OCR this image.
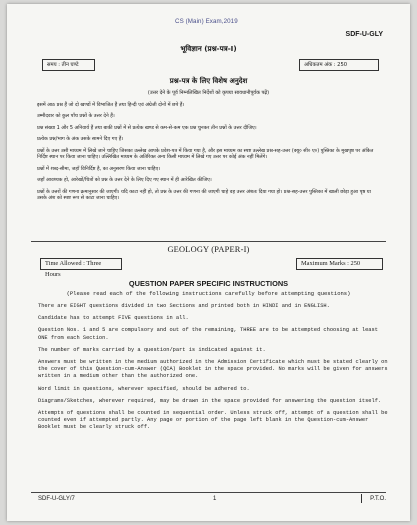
CS (Main) Exam,2019
SDF-U-GLY
भूविज्ञान (प्रश्न-पत्र-I)
समय : तीन घण्टे	अधिकतम अंक : 250
प्रश्न-पत्र के लिए विशेष अनुदेश
(उत्तर देने के पूर्व निम्नलिखित निर्देशों को कृपया सावधानीपूर्वक पढ़ें)

इसमें आठ प्रश्न हैं जो दो खण्डों में विभाजित हैं तथा हिन्दी एवं अंग्रेजी दोनों में छपे हैं।

उम्मीदवार को कुल पाँच प्रश्नों के उत्तर देने हैं।

प्रश्न संख्या 1 और 5 अनिवार्य हैं तथा बाकी प्रश्नों में से प्रत्येक खण्ड से कम-से-कम एक प्रश्न चुनकर तीन प्रश्नों के उत्तर दीजिए।

प्रत्येक प्रश्न/भाग के अंक उसके सामने दिए गए हैं।

प्रश्नों के उत्तर उसी माध्यम में लिखे जाने चाहिए जिसका उल्लेख आपके प्रवेश-पत्र में किया गया है, और इस माध्यम का स्पष्ट उल्लेख प्रश्न-सह-उत्तर (क्यू० सी० ए०) पुस्तिका के मुखपृष्ठ पर अंकित निर्दिष्ट स्थान पर किया जाना चाहिए। उल्लिखित माध्यम के अतिरिक्त अन्य किसी माध्यम में लिखे गए उत्तर पर कोई अंक नहीं मिलेंगे।

प्रश्नों में शब्द-सीमा, जहाँ विनिर्दिष्ट है, का अनुसरण किया जाना चाहिए।

जहाँ आवश्यक हो, आरेखों/चित्रों को प्रश्न के उत्तर देने के लिए दिए गए स्थान में ही आरेखित कीजिए।

प्रश्नों के उत्तरों की गणना क्रमानुसार की जाएगी। यदि काटा नहीं हो, तो प्रश्न के उत्तर की गणना की जाएगी चाहे वह उत्तर अंशतः दिया गया हो। प्रश्न-सह-उत्तर पुस्तिका में खाली छोड़ा हुआ पृष्ठ या उसके अंश को स्पष्ट रूप से काटा जाना चाहिए।

GEOLOGY (PAPER-I)
Time Allowed : Three Hours
Maximum Marks : 250
QUESTION PAPER SPECIFIC INSTRUCTIONS
(Please read each of the following instructions carefully before attempting questions)

There are EIGHT questions divided in two Sections and printed both in HINDI and in ENGLISH.

Candidate has to attempt FIVE questions in all.

Question Nos. 1 and 5 are compulsory and out of the remaining, THREE are to be attempted choosing at least ONE from each Section.

The number of marks carried by a question/part is indicated against it.

Answers must be written in the medium authorized in the Admission Certificate which must be stated clearly on the cover of this Question-cum-Answer (QCA) Booklet in the space provided. No marks will be given for answers written in a medium other than the authorized one.

Word limit in questions, wherever specified, should be adhered to.

Diagrams/Sketches, wherever required, may be drawn in the space provided for answering the question itself.

Attempts of questions shall be counted in sequential order. Unless struck off, attempt of a question shall be counted even if attempted partly. Any page or portion of the page left blank in the Question-cum-Answer Booklet must be clearly struck off.

SDF-U-GLY/7	1	P.T.O.
